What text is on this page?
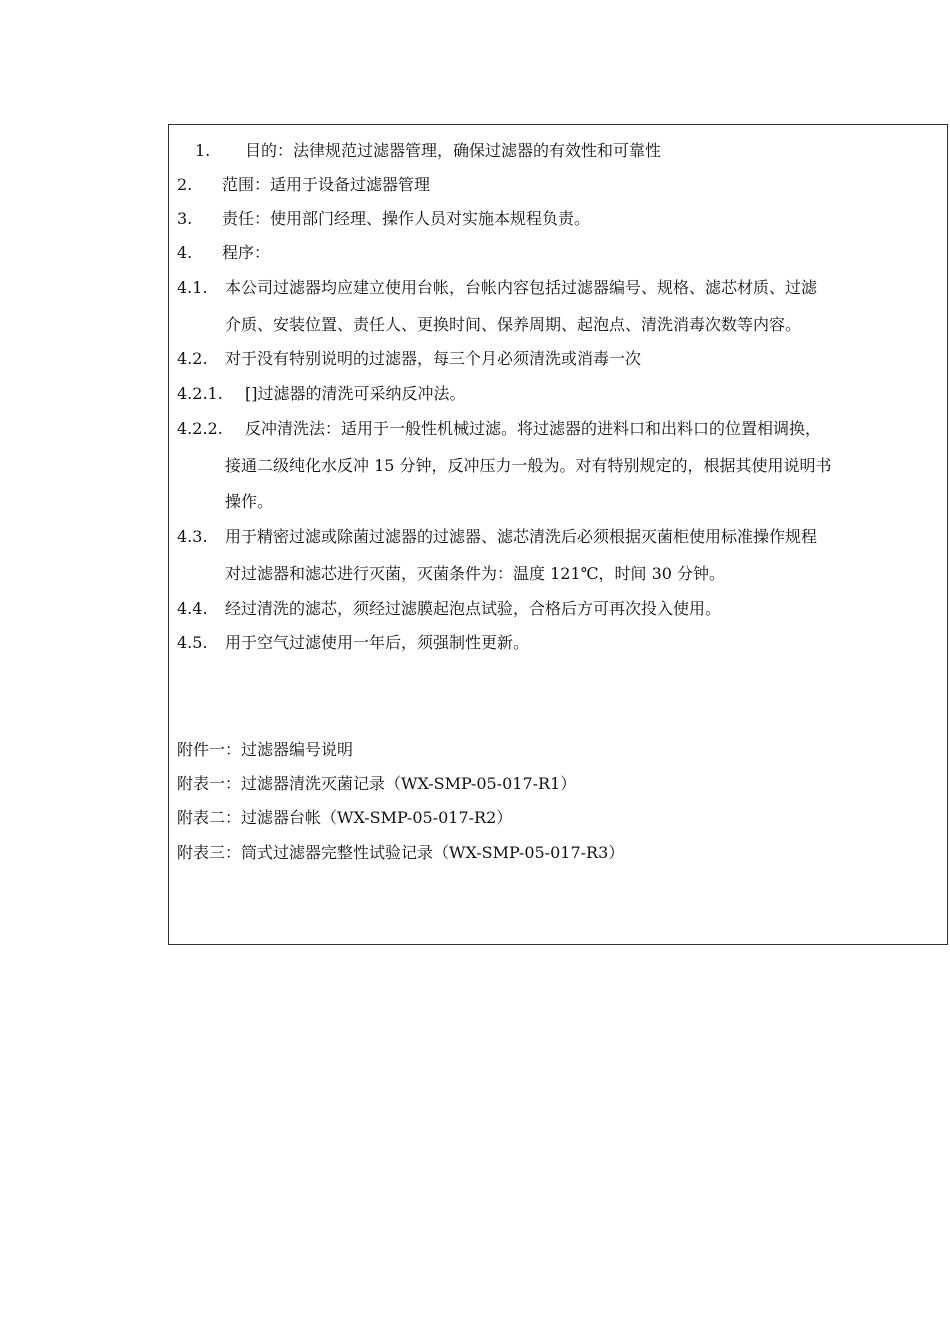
1. 目的：法律规范过滤器管理，确保过滤器的有效性和可靠性
2. 范围：适用于设备过滤器管理
3. 责任：使用部门经理、操作人员对实施本规程负责。
4. 程序：
4.1. 本公司过滤器均应建立使用台帐，台帐内容包括过滤器编号、规格、滤芯材质、过滤
介质、安装位置、责任人、更换时间、保养周期、起泡点、清洗消毒次数等内容。
4.2. 对于没有特别说明的过滤器，每三个月必须清洗或消毒一次
4.2.1. []过滤器的清洗可采纳反冲法。
4.2.2. 反冲清洗法：适用于一般性机械过滤。将过滤器的进料口和出料口的位置相调换，
接通二级纯化水反冲 15 分钟，反冲压力一般为。对有特别规定的，根据其使用说明书
操作。
4.3. 用于精密过滤或除菌过滤器的过滤器、滤芯清洗后必须根据灭菌柜使用标准操作规程
对过滤器和滤芯进行灭菌，灭菌条件为：温度 121℃，时间 30 分钟。
4.4. 经过清洗的滤芯，须经过滤膜起泡点试验，合格后方可再次投入使用。
4.5. 用于空气过滤使用一年后，须强制性更新。
附件一：过滤器编号说明
附表一：过滤器清洗灭菌记录（WX-SMP-05-017-R1）
附表二：过滤器台帐（WX-SMP-05-017-R2）
附表三：筒式过滤器完整性试验记录（WX-SMP-05-017-R3）
